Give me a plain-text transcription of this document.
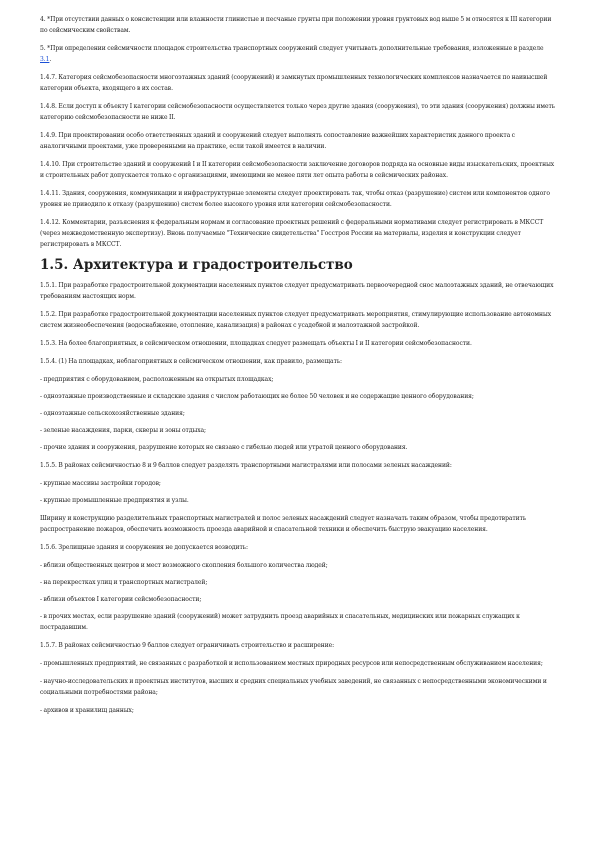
4. *При отсутствии данных о консистенции или влажности глинистые и песчаные грунты при положении уровня грунтовых вод выше 5 м относятся к III категории по сейсмическим свойствам.

5. *При определении сейсмичности площадок строительства транспортных сооружений следует учитывать дополнительные требования, изложенные в разделе 3.1.

1.4.7. Категория сейсмобезопасности многоэтажных зданий (сооружений) и замкнутых промышленных технологических комплексов назначается по наивысшей категории объекта, входящего в их состав.

1.4.8. Если доступ к объекту I категории сейсмобезопасности осуществляется только через другие здания (сооружения), то эти здания (сооружения) должны иметь категорию сейсмобезопасности не ниже II.

1.4.9. При проектировании особо ответственных зданий и сооружений следует выполнять сопоставление важнейших характеристик данного проекта с аналогичными проектами, уже проверенными на практике, если такой имеется в наличии.

1.4.10. При строительстве зданий и сооружений I и II категории сейсмобезопасности заключение договоров подряда на основные виды изыскательских, проектных и строительных работ допускается только с организациями, имеющими не менее пяти лет опыта работы в сейсмических районах.

1.4.11. Здания, сооружения, коммуникации и инфраструктурные элементы следует проектировать так, чтобы отказ (разрушение) систем или компонентов одного уровня не приводило к отказу (разрушению) систем более высокого уровня или категории сейсмобезопасности.

1.4.12. Комментарии, разъяснения к федеральным нормам и согласование проектных решений с федеральными нормативами следует регистрировать в МКССТ (через межведомственную экспертизу). Вновь получаемые "Технические свидетельства" Госстроя России на материалы, изделия и конструкции следует регистрировать в МКССТ.

1.5. Архитектура и градостроительство

1.5.1. При разработке градостроительной документации населенных пунктов следует предусматривать первоочередной снос малоэтажных зданий, не отвечающих требованиям настоящих норм.

1.5.2. При разработке градостроительной документации населенных пунктов следует предусматривать мероприятия, стимулирующие использование автономных систем жизнеобеспечения (водоснабжение, отопление, канализация) в районах с усадебной и малоэтажной застройкой.

1.5.3. На более благоприятных, в сейсмическом отношении, площадках следует размещать объекты I и II категории сейсмобезопасности.

1.5.4. (1) На площадках, неблагоприятных в сейсмическом отношении, как правило, размещать:

- предприятия с оборудованием, расположенным на открытых площадках;

- одноэтажные производственные и складские здания с числом работающих не более 50 человек и не содержащие ценного оборудования;

- одноэтажные сельскохозяйственные здания;

- зеленые насаждения, парки, скверы и зоны отдыха;

- прочие здания и сооружения, разрушение которых не связано с гибелью людей или утратой ценного оборудования.

1.5.5. В районах сейсмичностью 8 и 9 баллов следует разделять транспортными магистралями или полосами зеленых насаждений:

- крупные массивы застройки городов;

- крупные промышленные предприятия и узлы.

Ширину и конструкцию разделительных транспортных магистралей и полос зеленых насаждений следует назначать таким образом, чтобы предотвратить распространение пожаров, обеспечить возможность проезда аварийной и спасательной техники и обеспечить быструю эвакуацию населения.

1.5.6. Зрелищные здания и сооружения не допускается возводить:

- вблизи общественных центров и мест возможного скопления большого количества людей;

- на перекрестках улиц и транспортных магистралей;

- вблизи объектов I категории сейсмобезопасности;

- в прочих местах, если разрушение зданий (сооружений) может затруднить проезд аварийных и спасательных, медицинских или пожарных служащих к пострадавшим.

1.5.7. В районах сейсмичностью 9 баллов следует ограничивать строительство и расширение:

- промышленных предприятий, не связанных с разработкой и использованием местных природных ресурсов или непосредственным обслуживанием населения;

- научно-исследовательских и проектных институтов, высших и средних специальных учебных заведений, не связанных с непосредственными экономическими и социальными потребностями района;

- архивов и хранилищ данных;
